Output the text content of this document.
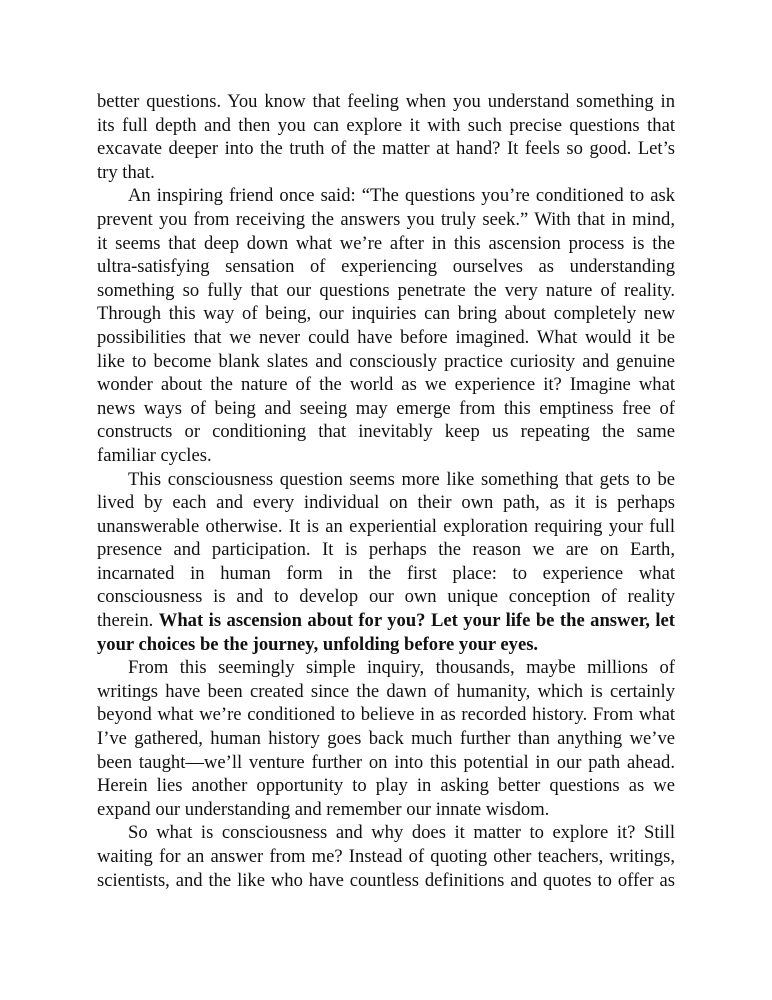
better questions. You know that feeling when you understand something in
its full depth and then you can explore it with such precise questions that
excavate deeper into the truth of the matter at hand? It feels so good. Let’s
try that.
An inspiring friend once said: “The questions you’re conditioned to ask
prevent you from receiving the answers you truly seek.” With that in mind,
it seems that deep down what we’re after in this ascension process is the
ultra-satisfying sensation of experiencing ourselves as understanding
something so fully that our questions penetrate the very nature of reality.
Through this way of being, our inquiries can bring about completely new
possibilities that we never could have before imagined. What would it be
like to become blank slates and consciously practice curiosity and genuine
wonder about the nature of the world as we experience it? Imagine what
news ways of being and seeing may emerge from this emptiness free of
constructs or conditioning that inevitably keep us repeating the same
familiar cycles.
This consciousness question seems more like something that gets to be
lived by each and every individual on their own path, as it is perhaps
unanswerable otherwise. It is an experiential exploration requiring your full
presence and participation. It is perhaps the reason we are on Earth,
incarnated in human form in the first place: to experience what
consciousness is and to develop our own unique conception of reality
therein. What is ascension about for you? Let your life be the answer, let
your choices be the journey, unfolding before your eyes.
From this seemingly simple inquiry, thousands, maybe millions of
writings have been created since the dawn of humanity, which is certainly
beyond what we’re conditioned to believe in as recorded history. From what
I’ve gathered, human history goes back much further than anything we’ve
been taught—we’ll venture further on into this potential in our path ahead.
Herein lies another opportunity to play in asking better questions as we
expand our understanding and remember our innate wisdom.
So what is consciousness and why does it matter to explore it? Still
waiting for an answer from me? Instead of quoting other teachers, writings,
scientists, and the like who have countless definitions and quotes to offer as
